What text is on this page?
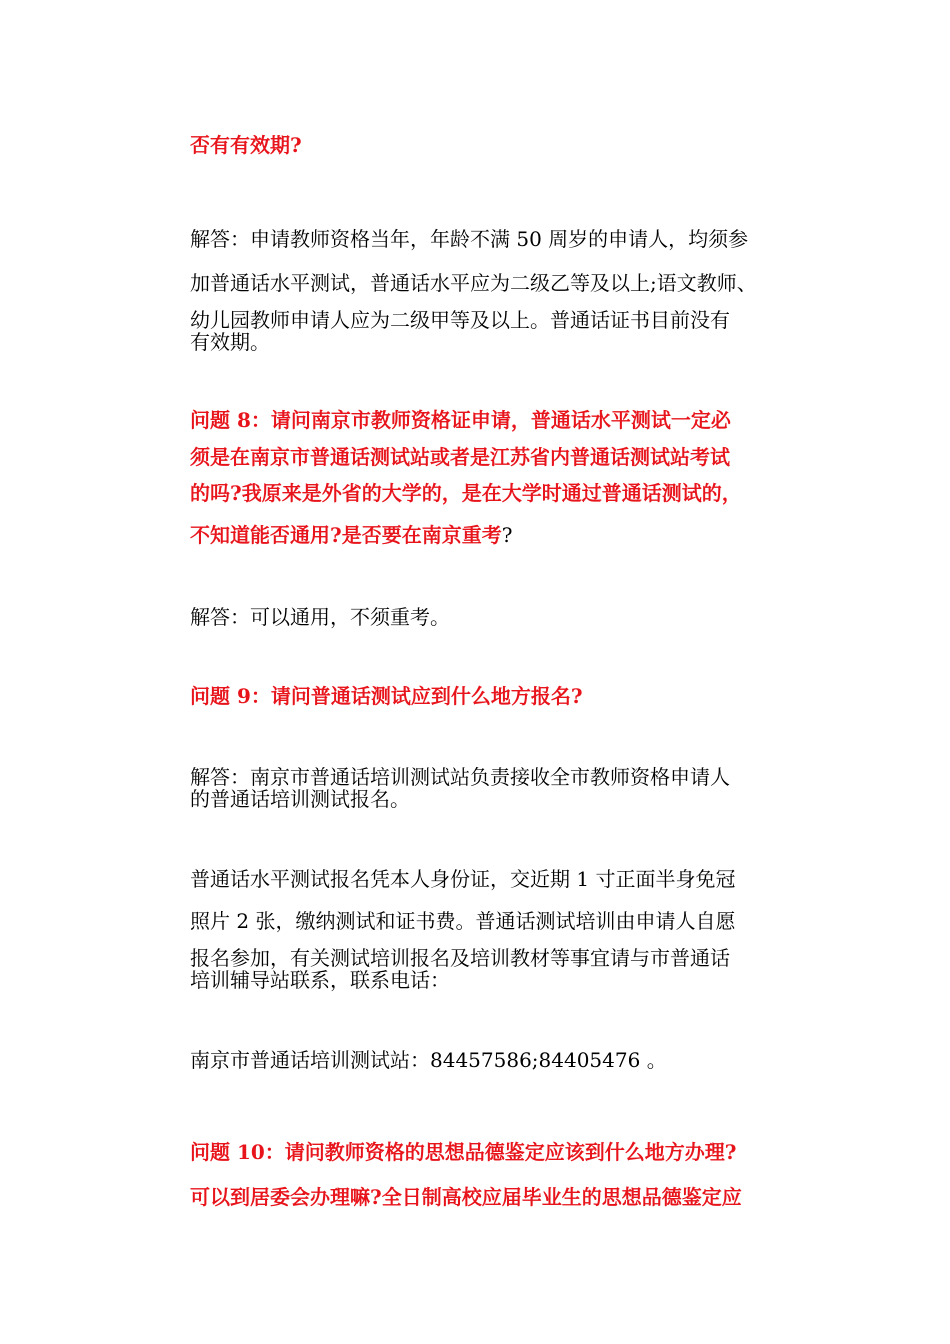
否有有效期?

解答：申请教师资格当年，年龄不满 50 周岁的申请人，均须参

加普通话水平测试，普通话水平应为二级乙等及以上;语文教师、

幼儿园教师申请人应为二级甲等及以上。普通话证书目前没有

有效期。

问题 8：请问南京市教师资格证申请，普通话水平测试一定必

须是在南京市普通话测试站或者是江苏省内普通话测试站考试

的吗?我原来是外省的大学的，是在大学时通过普通话测试的，

不知道能否通用?是否要在南京重考?

解答：可以通用，不须重考。

问题 9：请问普通话测试应到什么地方报名?

解答：南京市普通话培训测试站负责接收全市教师资格申请人

的普通话培训测试报名。

普通话水平测试报名凭本人身份证，交近期 1 寸正面半身免冠

照片 2 张，缴纳测试和证书费。普通话测试培训由申请人自愿

报名参加，有关测试培训报名及培训教材等事宜请与市普通话

培训辅导站联系，联系电话：

南京市普通话培训测试站：84457586;84405476 。

问题 10：请问教师资格的思想品德鉴定应该到什么地方办理?

可以到居委会办理嘛?全日制高校应届毕业生的思想品德鉴定应
